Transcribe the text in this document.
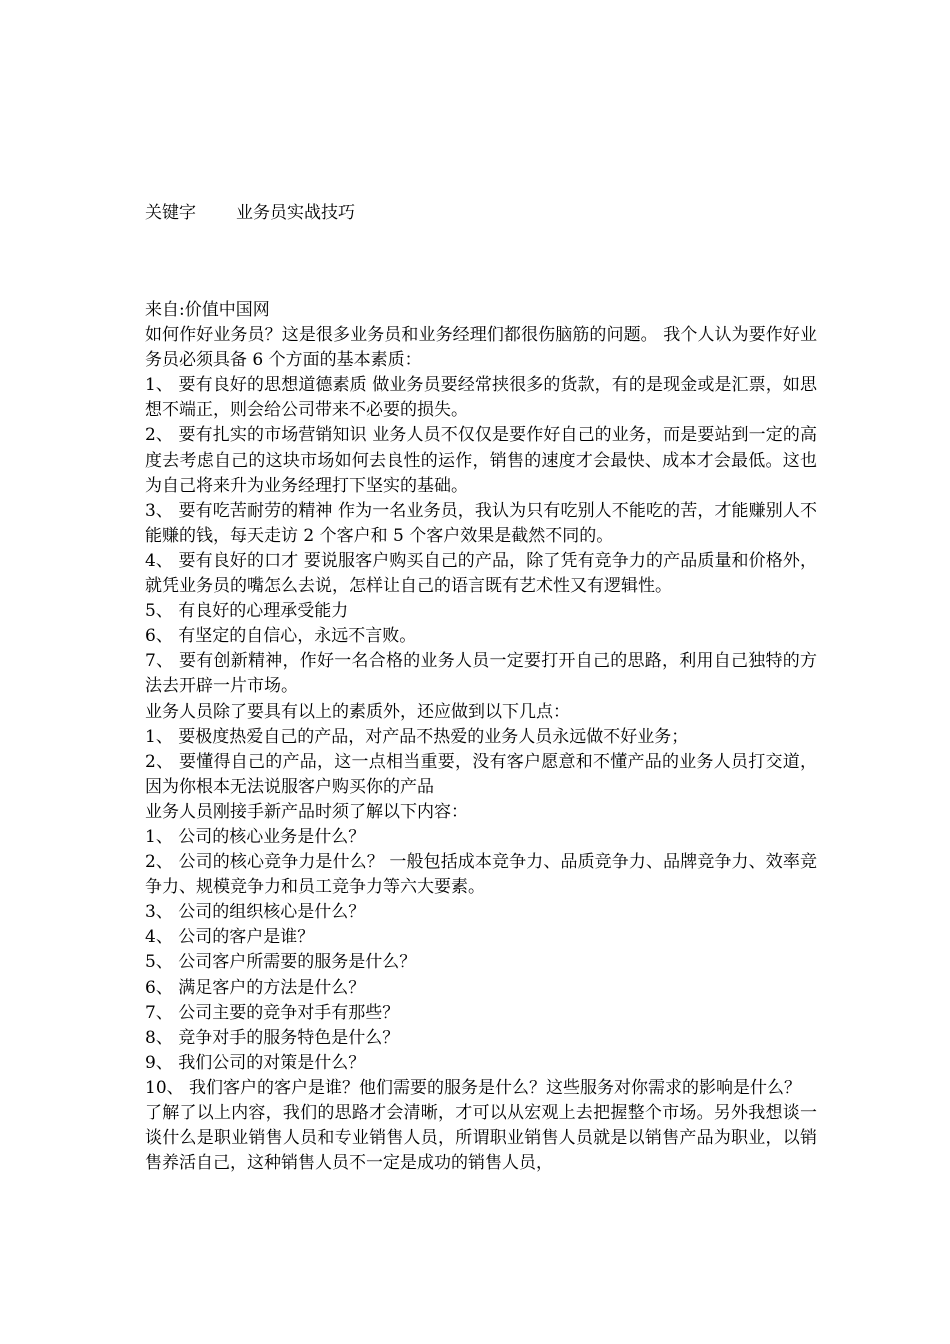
关键字 业务员实战技巧

来自:价值中国网

如何作好业务员？这是很多业务员和业务经理们都很伤脑筋的问题。 我个人认为要作好业务员必须具备 6 个方面的基本素质：

1、 要有良好的思想道德素质 做业务员要经常挟很多的货款，有的是现金或是汇票，如思想不端正，则会给公司带来不必要的损失。

2、 要有扎实的市场营销知识 业务人员不仅仅是要作好自己的业务，而是要站到一定的高度去考虑自己的这块市场如何去良性的运作，销售的速度才会最快、成本才会最低。这也为自己将来升为业务经理打下坚实的基础。

3、 要有吃苦耐劳的精神 作为一名业务员，我认为只有吃别人不能吃的苦，才能赚别人不能赚的钱，每天走访 2 个客户和 5 个客户效果是截然不同的。

4、 要有良好的口才 要说服客户购买自己的产品，除了凭有竞争力的产品质量和价格外，就凭业务员的嘴怎么去说，怎样让自己的语言既有艺术性又有逻辑性。

5、 有良好的心理承受能力

6、 有坚定的自信心，永远不言败。

7、 要有创新精神，作好一名合格的业务人员一定要打开自己的思路，利用自己独特的方法去开辟一片市场。

业务人员除了要具有以上的素质外，还应做到以下几点：

1、 要极度热爱自己的产品，对产品不热爱的业务人员永远做不好业务；

2、 要懂得自己的产品，这一点相当重要，没有客户愿意和不懂产品的业务人员打交道，因为你根本无法说服客户购买你的产品

业务人员刚接手新产品时须了解以下内容：

1、 公司的核心业务是什么？

2、 公司的核心竞争力是什么？ 一般包括成本竞争力、品质竞争力、品牌竞争力、效率竞争力、规模竞争力和员工竞争力等六大要素。

3、 公司的组织核心是什么？

4、 公司的客户是谁？

5、 公司客户所需要的服务是什么？

6、 满足客户的方法是什么？

7、 公司主要的竞争对手有那些？

8、 竞争对手的服务特色是什么？

9、 我们公司的对策是什么？

10、 我们客户的客户是谁？他们需要的服务是什么？这些服务对你需求的影响是什么？

了解了以上内容，我们的思路才会清晰，才可以从宏观上去把握整个市场。另外我想谈一谈什么是职业销售人员和专业销售人员，所谓职业销售人员就是以销售产品为职业，以销售养活自己，这种销售人员不一定是成功的销售人员，
